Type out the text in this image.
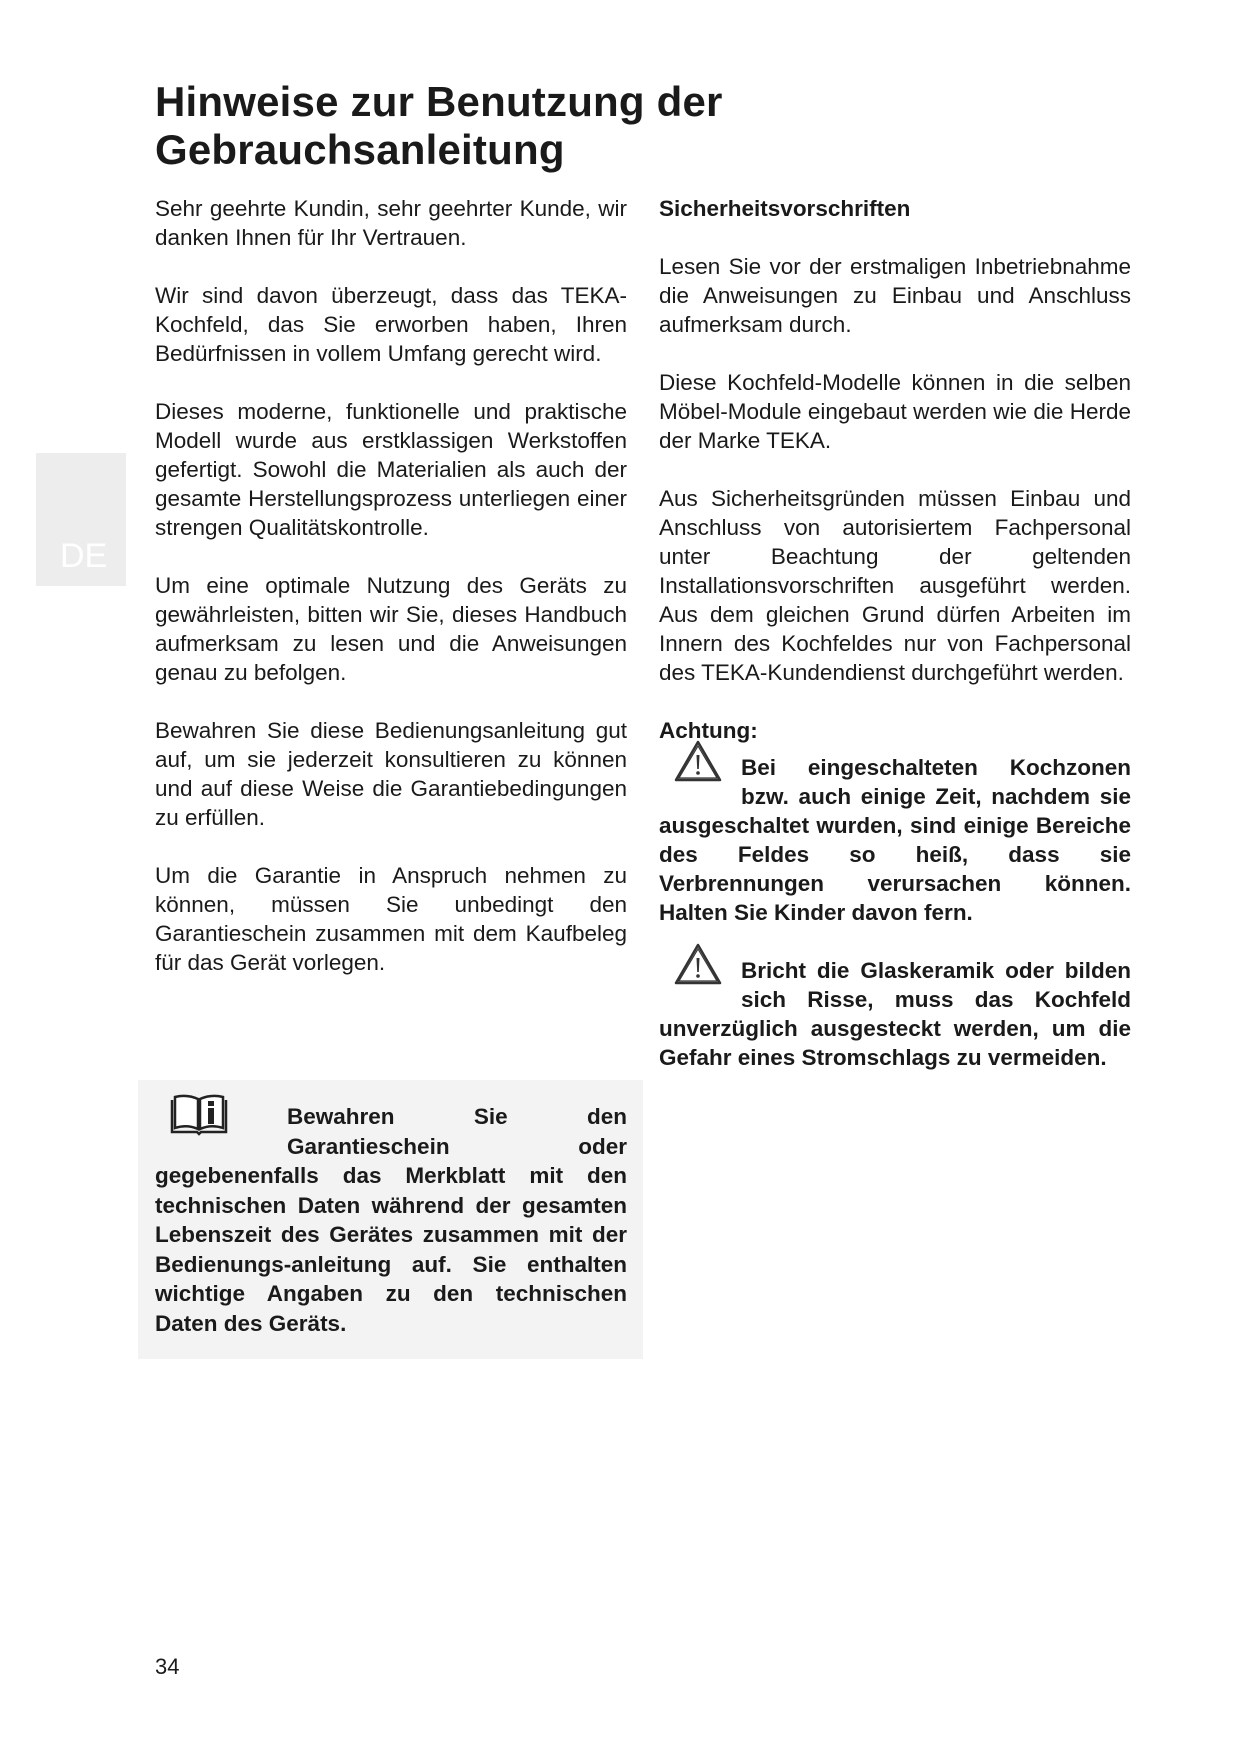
Hinweise zur Benutzung der
Gebrauchsanleitung
DE

Sehr geehrte Kundin, sehr geehrter Kunde, wir danken Ihnen für Ihr Vertrauen.

Wir sind davon überzeugt, dass das TEKA-Kochfeld, das Sie erworben haben, Ihren Bedürfnissen in vollem Umfang gerecht wird.

Dieses moderne, funktionelle und praktische Modell wurde aus erstklassigen Werkstoffen gefertigt. Sowohl die Materialien als auch der gesamte Herstellungsprozess unterliegen einer strengen Qualitätskontrolle.

Um eine optimale Nutzung des Geräts zu gewährleisten, bitten wir Sie, dieses Handbuch aufmerksam zu lesen und die Anweisungen genau zu befolgen.

Bewahren Sie diese Bedienungsanleitung gut auf, um sie jederzeit konsultieren zu können und auf diese Weise die Garantiebedingungen zu erfüllen.

Um die Garantie in Anspruch nehmen zu können, müssen Sie unbedingt den Garantieschein zusammen mit dem Kaufbeleg für das Gerät vorlegen.

Bewahren Sie den Garantieschein oder gegebenenfalls das Merkblatt mit den technischen Daten während der gesamten Lebenszeit des Gerätes zusammen mit der Bedienungs-anleitung auf. Sie enthalten wichtige Angaben zu den technischen Daten des Geräts.
Sicherheitsvorschriften

Lesen Sie vor der erstmaligen Inbetriebnahme die Anweisungen zu Einbau und Anschluss aufmerksam durch.

Diese Kochfeld-Modelle können in die selben Möbel-Module eingebaut werden wie die Herde der Marke TEKA.

Aus Sicherheitsgründen müssen Einbau und Anschluss von autorisiertem Fachpersonal unter Beachtung der geltenden Installationsvorschriften ausgeführt werden. Aus dem gleichen Grund dürfen Arbeiten im Innern des Kochfeldes nur von Fachpersonal des TEKA-Kundendienst durchgeführt werden.

Achtung:
Bei eingeschalteten Kochzonen bzw. auch einige Zeit, nachdem sie ausgeschaltet wurden, sind einige Bereiche des Feldes so heiß, dass sie Verbrennungen verursachen können. Halten Sie Kinder davon fern.
Bricht die Glaskeramik oder bilden sich Risse, muss das Kochfeld unverzüglich ausgesteckt werden, um die Gefahr eines Stromschlags zu vermeiden.
34
